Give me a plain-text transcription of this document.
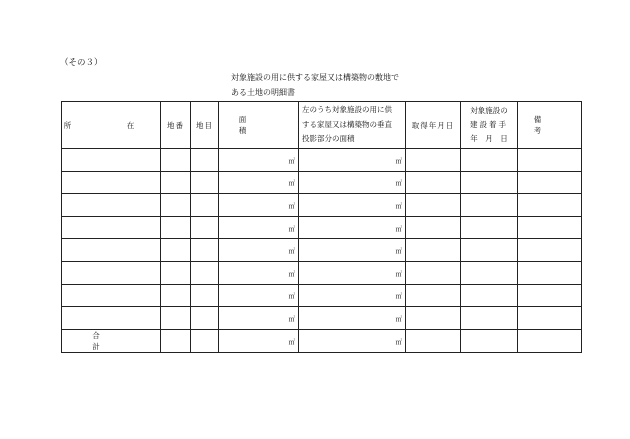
（その３）
対象施設の用に供する家屋又は構築物の敷地で
ある土地の明細書
所　在	地番	地目	面　積	左のうち対象施設の用に供
する家屋又は構築物の垂直
投影部分の面積	取得年月日	対象施設の
建設着手
年　月　日	備　考

			㎡	㎡			

			㎡	㎡			

			㎡	㎡			

			㎡	㎡			

			㎡	㎡			

			㎡	㎡			

			㎡	㎡			

			㎡	㎡			

合　計			㎡	㎡			
